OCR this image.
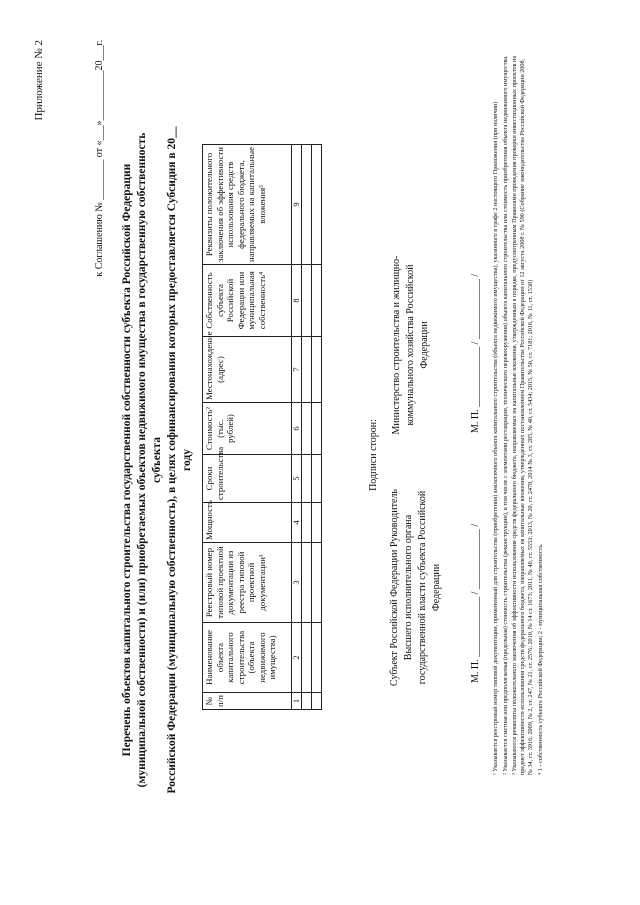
Приложение № 2	к Соглашению № ________ от «___»__________20___г.
Перечень объектов капитального строительства государственной собственности субъекта Российской Федерации (муниципальной собственности) и (или) приобретаемых объектов недвижимого имущества в государственную собственность субъекта Российской Федерации (муниципальную собственность), в целях софинансирования которых предоставляется Субсидия в 20__ году
№ п/п	Наименование объекта капитального строительства (объекта недвижимого имущества)	Реестровый номер типовой проектной документации из реестра типовой проектной документации¹	Мощность	Сроки строительства	Стоимость² (тыс. рублей)	Местонахождение (адрес)	Собственность субъекта Российской Федерации или муниципальная собственность⁴	Реквизиты положительного заключения об эффективности использования средств федерального бюджета, направляемых на капитальные вложения³
1	2	3	4	5	6	7	8	9

Подписи сторон:
Субъект Российской Федерации Руководитель Высшего исполнительного органа государственной власти субъекта Российской Федерации
Министерство строительства и жилищно-коммунального хозяйства Российской Федерации
М. П. ____________ / ____________ /
М. П. ____________ / ____________ / ¹ Указывается реестровый номер типовой документации, примененный для строительства (приобретения) аналогичного объекта капитального строительства (объекта недвижимого имущества), указанного в графе 2 настоящего Приложения (при наличии) ² Указывается сметная или предполагаемая (предельная) стоимость строительства (реконструкции), в том числе с элементами реставрации, технического перевооружения) объекта капитального строительства или стоимость приобретения объекта недвижимого имущества. ³ Указываются реквизиты положительного заключения об эффективности использования средств федерального бюджета, направляемых на капитальные вложения, утвержденным в порядке, предусмотренным Правилами проведения проверки инвестиционных проектов на предмет эффективности использования средств федерального бюджета, направляемых на капитальные вложения, утвержденных постановлением Правительства Российской Федерации от 12 августа 2008 г. № 590 (Собрание законодательства Российской Федерации 2008, № 34, ст. 3916; 2009, № 2, ст. 247, № 21, ст. 2576; 2010, № 14 ст. 1673; 2011, № 40, ст. 5553; 2013, № 20, ст. 2478, 2014 № 3, ст. 285, № 40, ст. 5434; 2015, № 50, ст. 7181; 2016, № 11, ст. 1538) ⁴ 1 - собственность субъекта Российской Федерации; 2 - муниципальная собственность.
